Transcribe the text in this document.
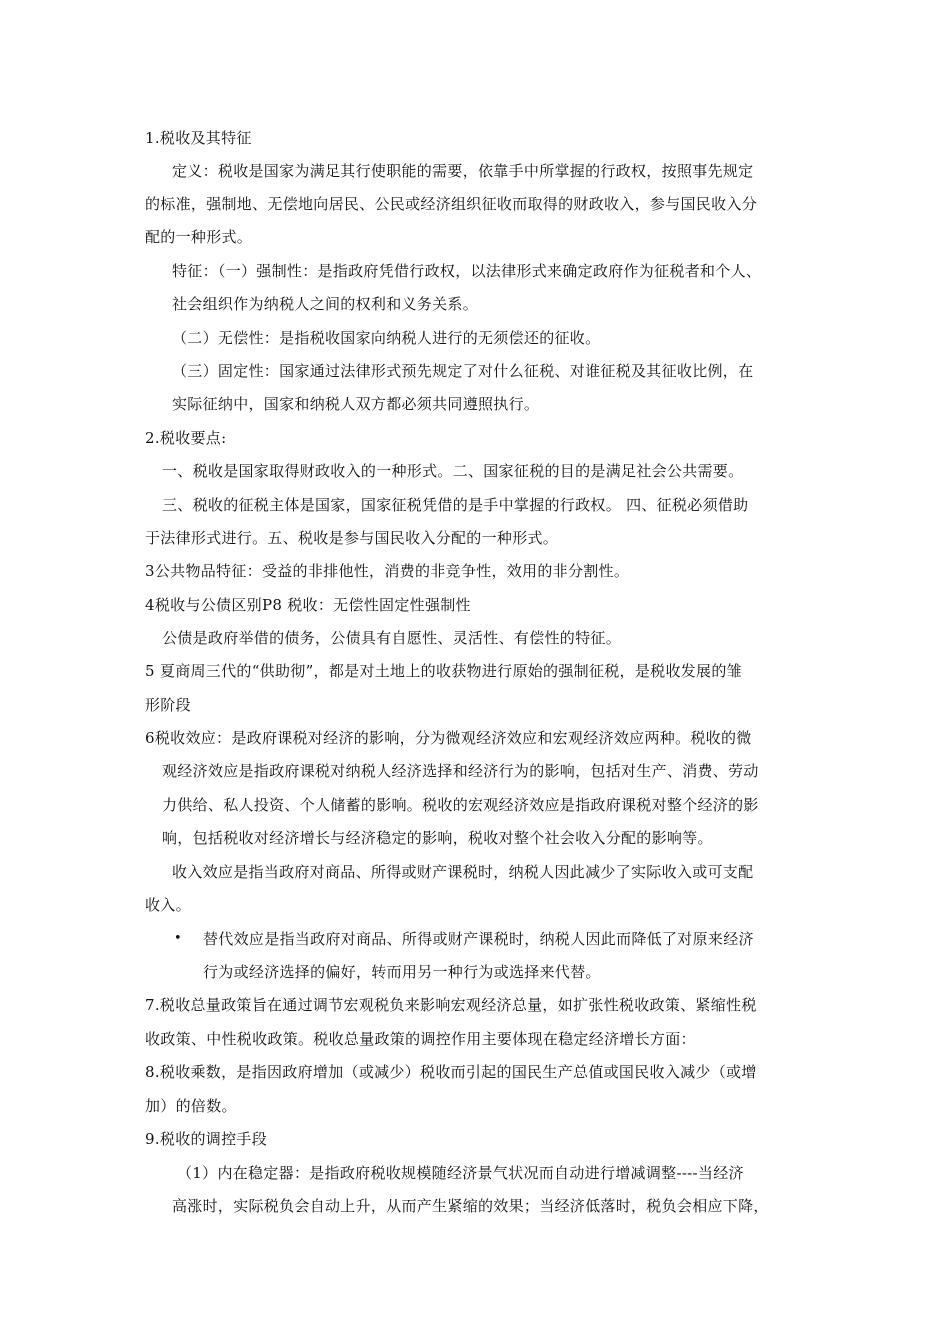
1.税收及其特征
定义：税收是国家为满足其行使职能的需要，依靠手中所掌握的行政权，按照事先规定
的标准，强制地、无偿地向居民、公民或经济组织征收而取得的财政收入，参与国民收入分
配的一种形式。
特征：（一）强制性：是指政府凭借行政权，以法律形式来确定政府作为征税者和个人、
社会组织作为纳税人之间的权利和义务关系。
（二）无偿性：是指税收国家向纳税人进行的无须偿还的征收。
（三）固定性：国家通过法律形式预先规定了对什么征税、对谁征税及其征收比例，在
实际征纳中，国家和纳税人双方都必须共同遵照执行。
2.税收要点:
一、税收是国家取得财政收入的一种形式。二、国家征税的目的是满足社会公共需要。
三、税收的征税主体是国家，国家征税凭借的是手中掌握的行政权。 四、征税必须借助
于法律形式进行。五、税收是参与国民收入分配的一种形式。
3公共物品特征：受益的非排他性，消费的非竞争性，效用的非分割性。
4税收与公债区别P8 税收：无偿性固定性强制性
公债是政府举借的债务，公债具有自愿性、灵活性、有偿性的特征。
5 夏商周三代的“供助彻”，都是对土地上的收获物进行原始的强制征税，是税收发展的雏
形阶段
6税收效应：是政府课税对经济的影响，分为微观经济效应和宏观经济效应两种。税收的微
观经济效应是指政府课税对纳税人经济选择和经济行为的影响，包括对生产、消费、劳动
力供给、私人投资、个人储蓄的影响。税收的宏观经济效应是指政府课税对整个经济的影
响，包括税收对经济增长与经济稳定的影响，税收对整个社会收入分配的影响等。
收入效应是指当政府对商品、所得或财产课税时，纳税人因此减少了实际收入或可支配
收入。
• 替代效应是指当政府对商品、所得或财产课税时，纳税人因此而降低了对原来经济
行为或经济选择的偏好，转而用另一种行为或选择来代替。
7.税收总量政策旨在通过调节宏观税负来影响宏观经济总量，如扩张性税收政策、紧缩性税
收政策、中性税收政策。税收总量政策的调控作用主要体现在稳定经济增长方面：
8.税收乘数，是指因政府增加（或减少）税收而引起的国民生产总值或国民收入减少（或增
加）的倍数。
9.税收的调控手段
（1）内在稳定器：是指政府税收规模随经济景气状况而自动进行增减调整----当经济
高涨时，实际税负会自动上升，从而产生紧缩的效果；当经济低落时，税负会相应下降，
